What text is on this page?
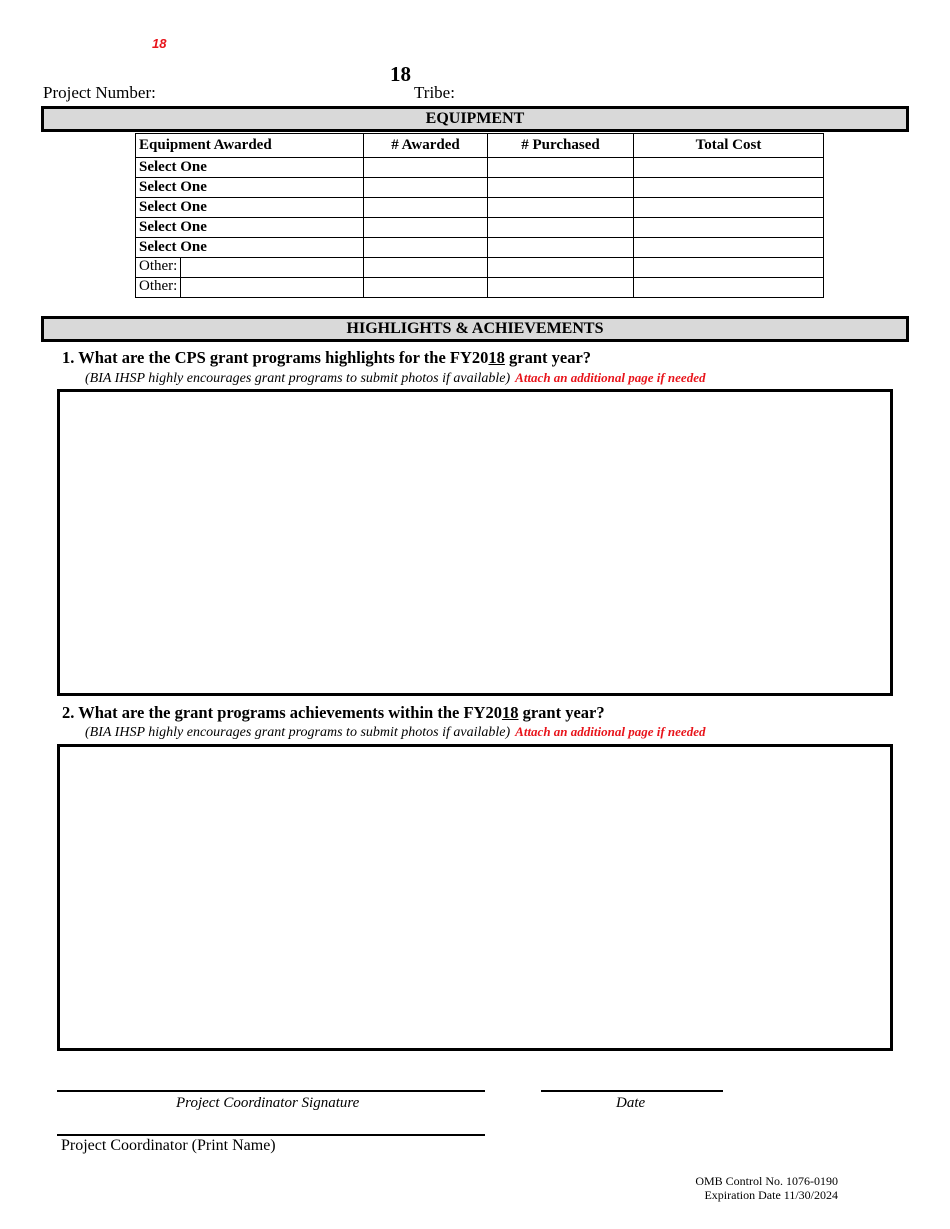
18
18
Project Number:	Tribe:
EQUIPMENT
Equipment Awarded	# Awarded	# Purchased	Total Cost
Select One			
Select One			
Select One			
Select One			
Select One			

Other:			

Other:			

HIGHLIGHTS & ACHIEVEMENTS
1. What are the CPS grant programs highlights for the FY2018 grant year?
(BIA IHSP highly encourages grant programs to submit photos if available) Attach an additional page if needed
2. What are the grant programs achievements within the FY2018 grant year?
(BIA IHSP highly encourages grant programs to submit photos if available) Attach an additional page if needed
Project Coordinator Signature	Date
Project Coordinator (Print Name)
OMB Control No. 1076-0190
Expiration Date 11/30/2024
